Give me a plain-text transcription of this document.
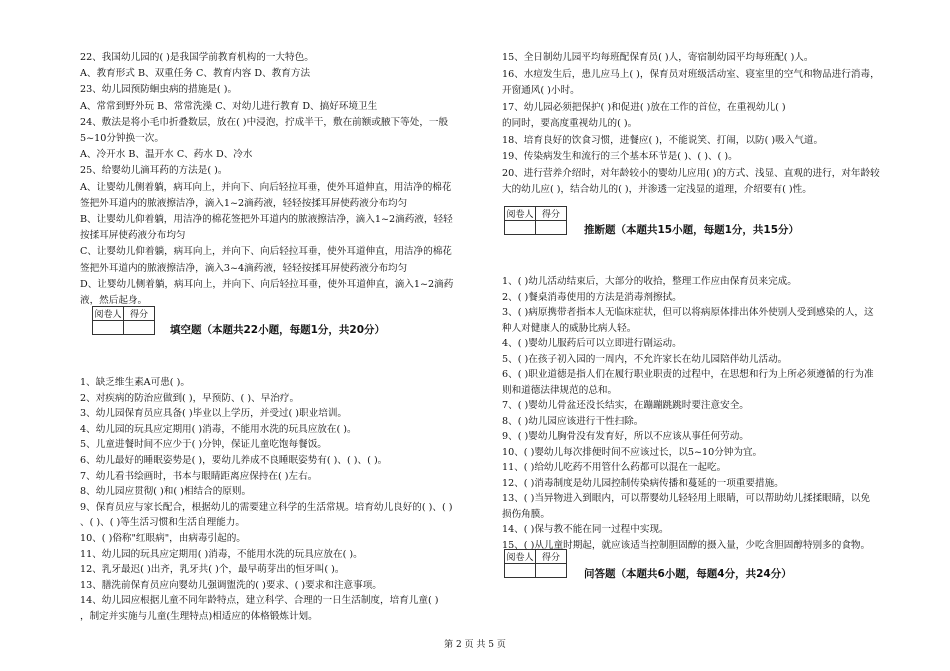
22、我国幼儿园的( )是我国学前教育机构的一大特色。
A、教育形式 B、双重任务 C、教育内容 D、教育方法
23、幼儿园预防蛔虫病的措施是( )。
A、常常到野外玩 B、常常洗澡 C、对幼儿进行教育 D、搞好环境卫生
24、敷法是将小毛巾折叠数层，放在( )中浸泡，拧成半干，敷在前额或腋下等处，一般
5~10分钟换一次。
A、冷开水 B、温开水 C、药水 D、冷水
25、给婴幼儿滴耳药的方法是( )。
A、让婴幼儿侧着躺，病耳向上，并向下、向后轻拉耳垂，使外耳道伸直，用洁净的棉花
签把外耳道内的脓液擦洁净，滴入1~2滴药液，轻轻按揉耳屏使药液分布均匀
B、让婴幼儿仰着躺，用洁净的棉花签把外耳道内的脓液擦洁净，滴入1~2滴药液，轻轻
按揉耳屏使药液分布均匀
C、让婴幼儿仰着躺，病耳向上，并向下、向后轻拉耳垂，使外耳道伸直，用洁净的棉花
签把外耳道内的脓液擦洁净，滴入3~4滴药液，轻轻按揉耳屏使药液分布均匀
D、让婴幼儿侧着躺，病耳向上，并向下、向后轻拉耳垂，使外耳道伸直，滴入1~2滴药
液，然后起身。
阅卷人	得分

填空题（本题共22小题，每题1分，共20分）
1、缺乏维生素A可患( )。
2、对疾病的防治应做到( )，早预防、( )、早治疗。
3、幼儿园保育员应具备( )毕业以上学历，并受过( )职业培训。
4、幼儿园的玩具应定期用( )消毒，不能用水洗的玩具应放在( )。
5、儿童进餐时间不应少于( )分钟，保证儿童吃饱每餐饭。
6、幼儿最好的睡眠姿势是( )，要幼儿养成不良睡眠姿势有( )、( )、( )。
7、幼儿看书绘画时，书本与眼睛距离应保持在( )左右。
8、幼儿园应贯彻( )和( )相结合的原则。
9、保育员应与家长配合，根据幼儿的需要建立科学的生活常规。培育幼儿良好的( )、( )
、( )、( )等生活习惯和生活自理能力。
10、( )俗称"红眼病"，由病毒引起的。
11、幼儿园的玩具应定期用( )消毒，不能用水洗的玩具应放在( )。
12、乳牙最迟( )出齐，乳牙共( )个，最早萌芽出的恒牙叫( )。
13、膳洗前保育员应向婴幼儿强调盥洗的( )要求、( )要求和注意事项。
14、幼儿园应根据儿童不同年龄特点，建立科学、合理的一日生活制度，培育儿童( )
，制定并实施与儿童(生理特点)相适应的体格锻炼计划。
15、全日制幼儿园平均每班配保育员( )人，寄宿制幼园平均每班配( )人。
16、水痘发生后，患儿应马上( )，保育员对班级活动室、寝室里的空气和物品进行消毒，
开窗通风( )小时。
17、幼儿园必须把保护( )和促进( )放在工作的首位，在重视幼儿( )
的同时，要高度重视幼儿的( )。
18、培育良好的饮食习惯，进餐应( )，不能说笑、打闹，以防( )吸入气道。
19、传染病发生和流行的三个基本环节是( )、( )、( )。
20、进行营养介绍时，对年龄较小的婴幼儿应用( )的方式、浅显、直观的进行，对年龄较
大的幼儿应( )，结合幼儿的( )，并渗透一定浅显的道理，介绍要有( )性。
阅卷人	得分

推断题（本题共15小题，每题1分，共15分）
1、( )幼儿活动结束后，大部分的收拾，整理工作应由保育员来完成。
2、( )餐桌消毒使用的方法是消毒剂擦拭。
3、( )病原携带者指本人无临床症状，但可以将病原体排出体外使别人受到感染的人，这
种人对健康人的威胁比病人轻。
4、( )婴幼儿服药后可以立即进行剧运动。
5、( )在孩子初入园的一周内，不允许家长在幼儿园陪伴幼儿活动。
6、( )职业道德是指人们在履行职业职责的过程中，在思想和行为上所必须遵循的行为准
则和道德法律规范的总和。
7、( )婴幼儿骨盆还没长结实，在蹦蹦跳跳时要注意安全。
8、( )幼儿园应该进行干性扫除。
9、( )婴幼儿胸骨没有发育好，所以不应该从事任何劳动。
10、( )婴幼儿每次排便时间不应该过长，以5~10分钟为宜。
11、( )给幼儿吃药不用管什么药都可以混在一起吃。
12、( )消毒制度是幼儿园控制传染病传播和蔓延的一项重要措施。
13、( )当异物进入到眼内，可以帮婴幼儿轻轻用上眼睛，可以帮助幼儿揉揉眼睛，以免
损伤角膜。
14、( )保与教不能在同一过程中实现。
15、( )从儿童时期起，就应该适当控制胆固醇的摄入量，少吃含胆固醇特别多的食物。
阅卷人	得分

问答题（本题共6小题，每题4分，共24分）
第 2 页 共 5 页
